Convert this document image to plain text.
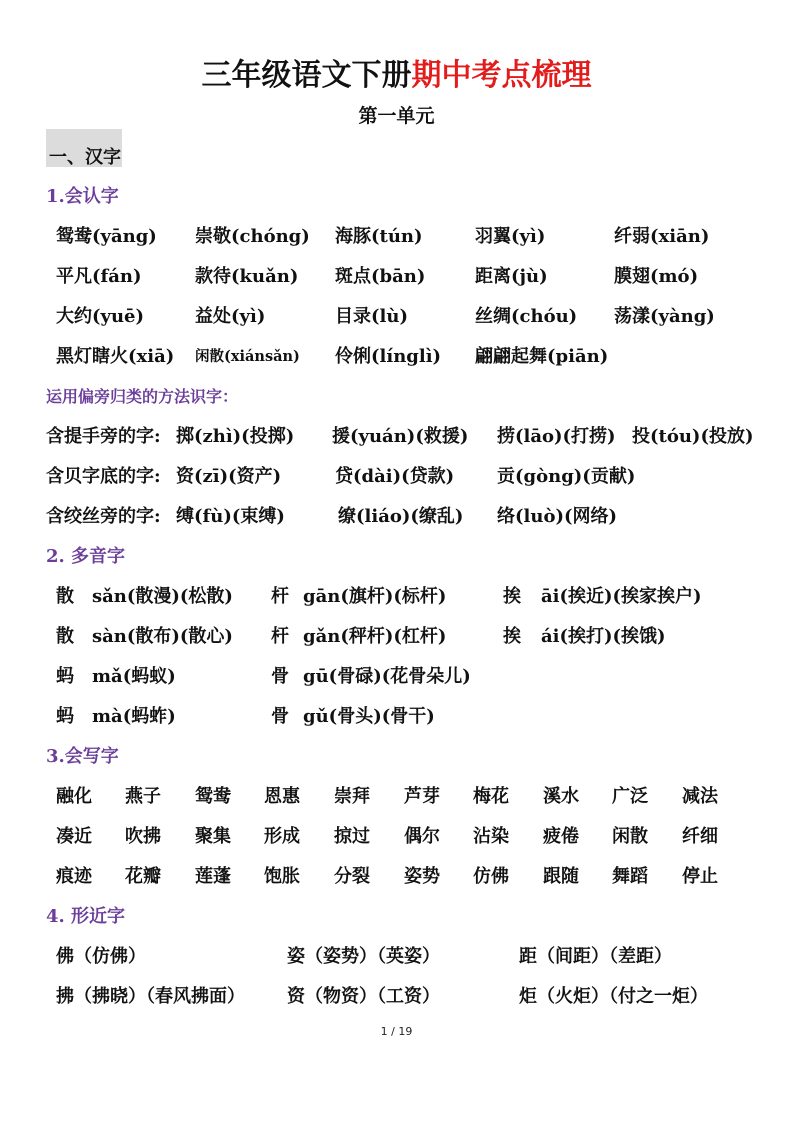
三年级语文下册期中考点梳理
第一单元
一、汉字
1.会认字
鸳鸯(yāng) 崇敬(chóng) 海豚(tún)	羽翼(yì)	纤弱(xiān)
平凡(fán)	款待(kuǎn) 斑点(bān)	距离(jù)	膜翅(mó)
大约(yuē)	益处(yì)	目录(lù)	丝绸(chóu) 荡漾(yàng)
黑灯瞎火(xiā) 闲散(xiánsǎn) 伶俐(línglì) 翩翩起舞(piān)
运用偏旁归类的方法识字：
含提手旁的字: 掷(zhì)(投掷) 援(yuán)(救援) 捞(lāo)(打捞) 投(tóu)(投放)
含贝字底的字: 资(zī)(资产)	贷(dài)(贷款) 贡(gòng)(贡献)
含绞丝旁的字: 缚(fù)(束缚)	缭(liáo)(缭乱) 络(luò)(网络)
2. 多音字
散 sǎn(散漫)(松散) 杆 gān(旗杆)(标杆)	挨 āi(挨近)(挨家挨户)
散 sàn(散布)(散心) 杆 gǎn(秤杆)(杠杆)	挨 ái(挨打)(挨饿)
蚂 mǎ(蚂蚁)	骨 gū(骨碌)(花骨朵儿)
蚂 mà(蚂蚱)	骨 gǔ(骨头)(骨干)
3.会写字
融化 燕子 鸳鸯 恩惠 崇拜 芦芽 梅花 溪水 广泛 减法
凑近 吹拂 聚集 形成 掠过 偶尔 沾染 疲倦 闲散 纤细
痕迹 花瓣 莲蓬 饱胀 分裂 姿势 仿佛 跟随 舞蹈 停止
4. 形近字
佛（仿佛）	姿（姿势）（英姿）	距（间距）（差距）
拂（拂晓）（春风拂面） 资（物资）（工资）	炬（火炬）（付之一炬）
1 / 19
